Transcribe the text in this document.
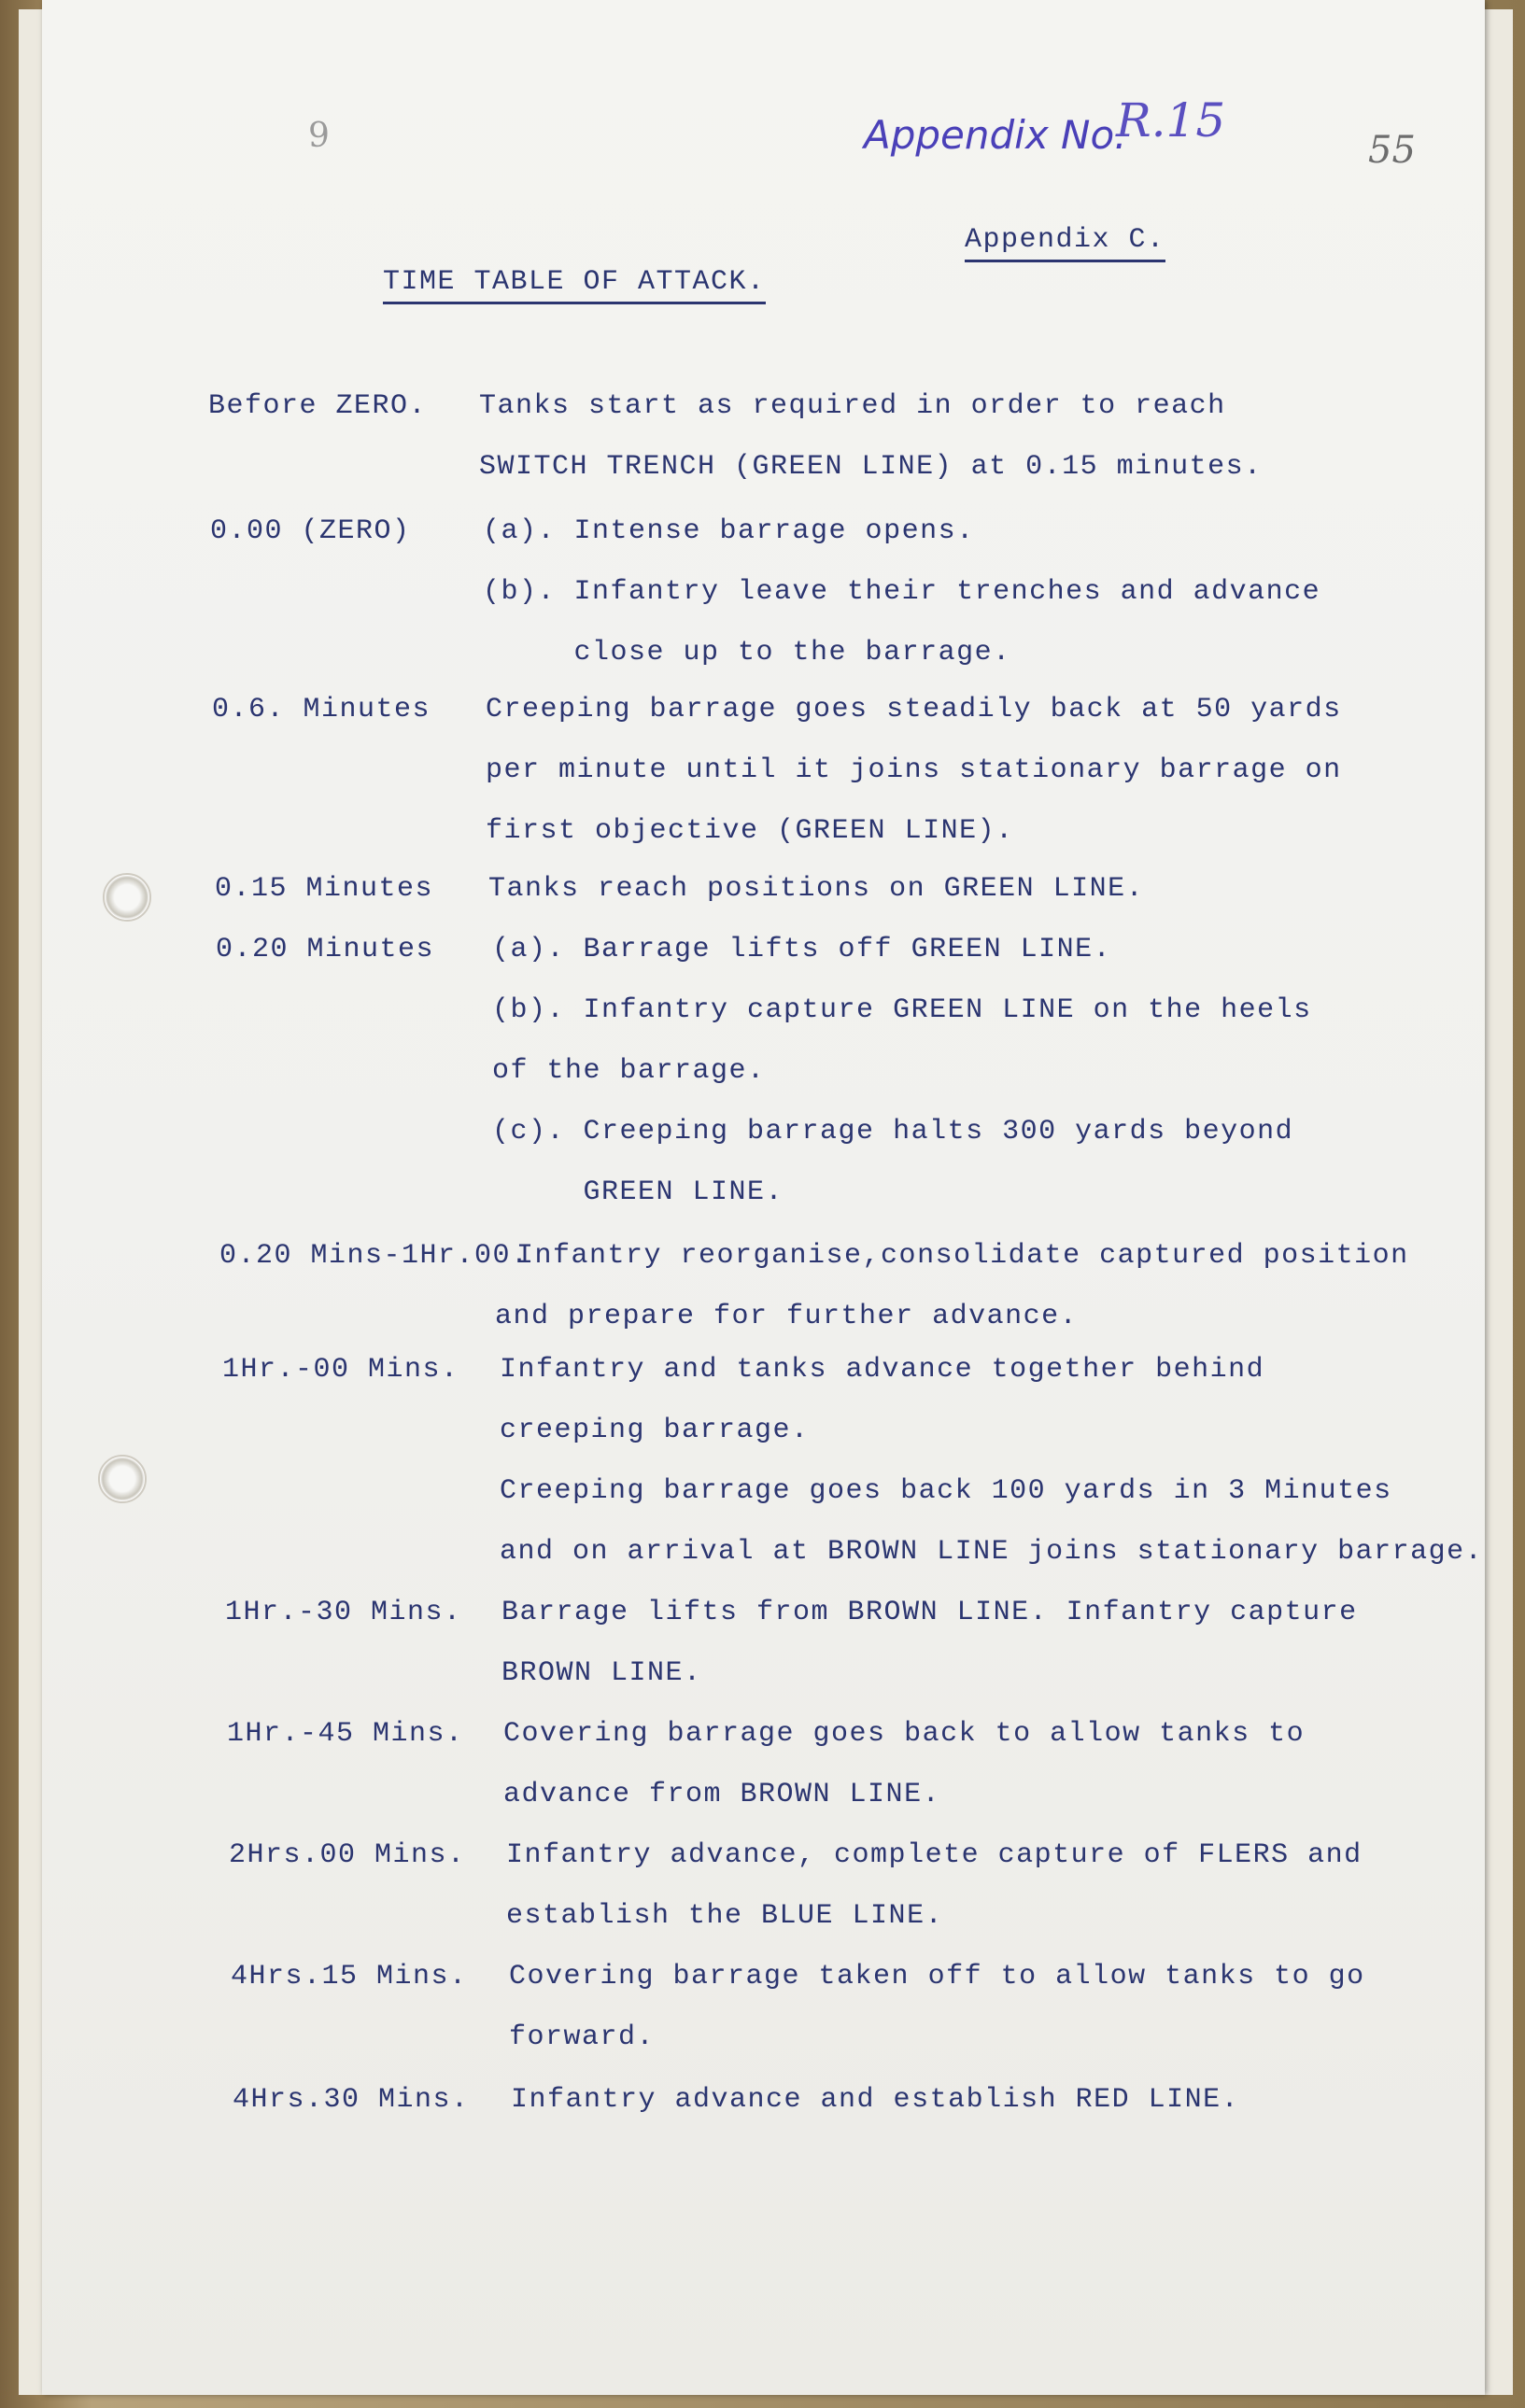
9	Appendix No.
R.15
55
Appendix C.
TIME TABLE OF ATTACK.
Before ZERO. Tanks start as required in order to reach
SWITCH TRENCH (GREEN LINE) at 0.15 minutes.
0.00 (ZERO)	(a). Intense barrage opens.
(b). Infantry leave their trenches and advance
close up to the barrage.
0.6. Minutes Creeping barrage goes steadily back at 50 yards
per minute until it joins stationary barrage on
first objective (GREEN LINE).
0.15 Minutes Tanks reach positions on GREEN LINE.
0.20 Minutes (a). Barrage lifts off GREEN LINE.
(b). Infantry capture GREEN LINE on the heels
of the barrage.
(c). Creeping barrage halts 300 yards beyond
GREEN LINE.
0.20 Mins-1Hr.00.
Infantry reorganise,consolidate captured position
and prepare for further advance.
1Hr.-00 Mins. Infantry and tanks advance together behind
creeping barrage.
Creeping barrage goes back 100 yards in 3 Minutes
and on arrival at BROWN LINE joins stationary barrage.
1Hr.-30 Mins. Barrage lifts from BROWN LINE. Infantry capture
BROWN LINE.
1Hr.-45 Mins. Covering barrage goes back to allow tanks to
advance from BROWN LINE.
2Hrs.00 Mins. Infantry advance, complete capture of FLERS and
establish the BLUE LINE.
4Hrs.15 Mins. Covering barrage taken off to allow tanks to go
forward.
4Hrs.30 Mins. Infantry advance and establish RED LINE.
